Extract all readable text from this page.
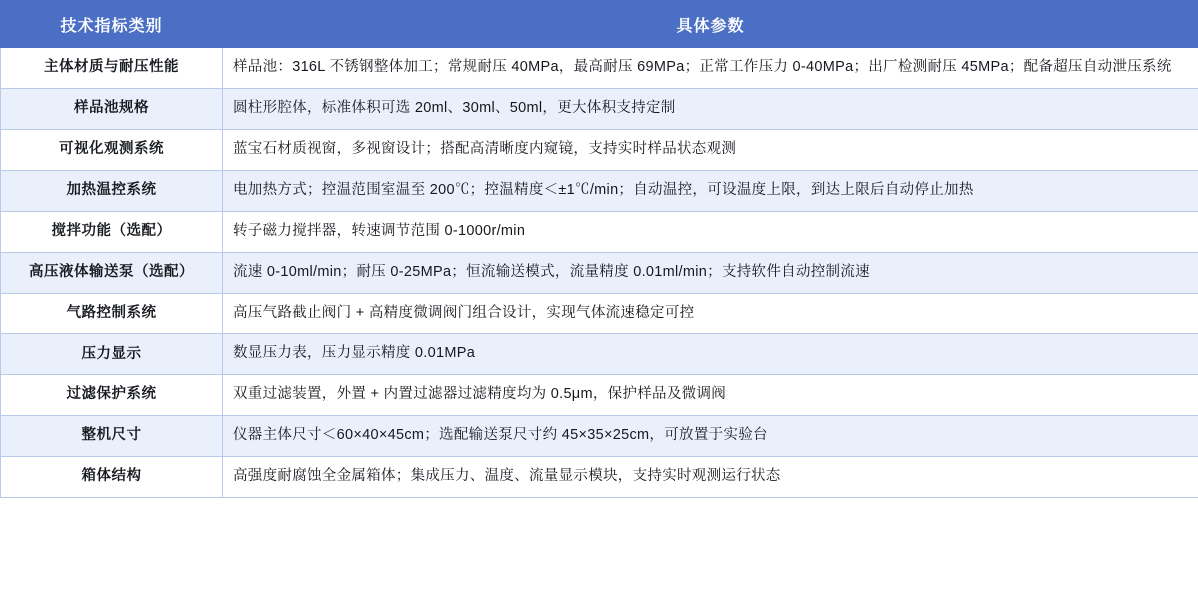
技术指标类别	具体参数
主体材质与耐压性能	样品池：316L 不锈钢整体加工；常规耐压 40MPa，最高耐压 69MPa；正常工作压力 0-40MPa；出厂检测耐压 45MPa；配备超压自动泄压系统
样品池规格	圆柱形腔体，标准体积可选 20ml、30ml、50ml，更大体积支持定制
可视化观测系统	蓝宝石材质视窗，多视窗设计；搭配高清晰度内窥镜，支持实时样品状态观测
加热温控系统	电加热方式；控温范围室温至 200℃；控温精度＜±1℃/min；自动温控，可设温度上限，到达上限后自动停止加热
搅拌功能（选配）	转子磁力搅拌器，转速调节范围 0-1000r/min
高压液体输送泵（选配）	流速 0-10ml/min；耐压 0-25MPa；恒流输送模式，流量精度 0.01ml/min；支持软件自动控制流速
气路控制系统	高压气路截止阀门 + 高精度微调阀门组合设计，实现气体流速稳定可控
压力显示	数显压力表，压力显示精度 0.01MPa
过滤保护系统	双重过滤装置，外置 + 内置过滤器过滤精度均为 0.5μm，保护样品及微调阀
整机尺寸	仪器主体尺寸＜60×40×45cm；选配输送泵尺寸约 45×35×25cm，可放置于实验台
箱体结构	高强度耐腐蚀全金属箱体；集成压力、温度、流量显示模块，支持实时观测运行状态
